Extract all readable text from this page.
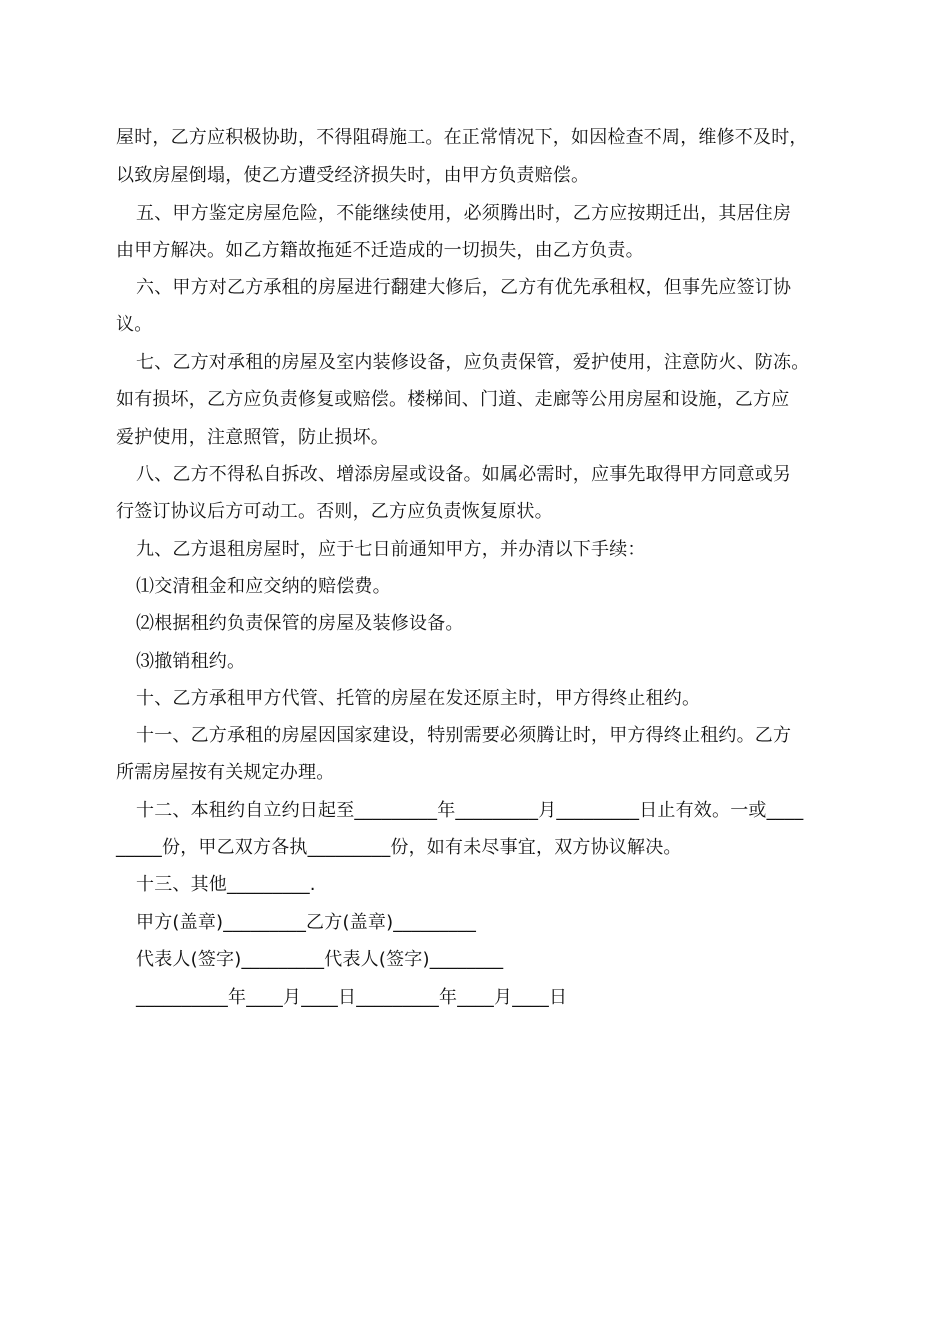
屋时，乙方应积极协助，不得阻碍施工。在正常情况下，如因检查不周，维修不及时，
以致房屋倒塌，使乙方遭受经济损失时，由甲方负责赔偿。
五、甲方鉴定房屋危险，不能继续使用，必须腾出时，乙方应按期迁出，其居住房
由甲方解决。如乙方籍故拖延不迁造成的一切损失，由乙方负责。
六、甲方对乙方承租的房屋进行翻建大修后，乙方有优先承租权，但事先应签订协
议。
七、乙方对承租的房屋及室内装修设备，应负责保管，爱护使用，注意防火、防冻。
如有损坏，乙方应负责修复或赔偿。楼梯间、门道、走廊等公用房屋和设施，乙方应
爱护使用，注意照管，防止损坏。
八、乙方不得私自拆改、增添房屋或设备。如属必需时，应事先取得甲方同意或另
行签订协议后方可动工。否则，乙方应负责恢复原状。
九、乙方退租房屋时，应于七日前通知甲方，并办清以下手续：
⑴交清租金和应交纳的赔偿费。
⑵根据租约负责保管的房屋及装修设备。
⑶撤销租约。
十、乙方承租甲方代管、托管的房屋在发还原主时，甲方得终止租约。
十一、乙方承租的房屋因国家建设，特别需要必须腾让时，甲方得终止租约。乙方
所需房屋按有关规定办理。
十二、本租约自立约日起至_________年_________月_________日止有效。一或____
_____份，甲乙双方各执_________份，如有未尽事宜，双方协议解决。
十三、其他_________.
甲方(盖章)_________乙方(盖章)_________
代表人(签字)_________代表人(签字)________
__________年____月____日_________年____月____日
